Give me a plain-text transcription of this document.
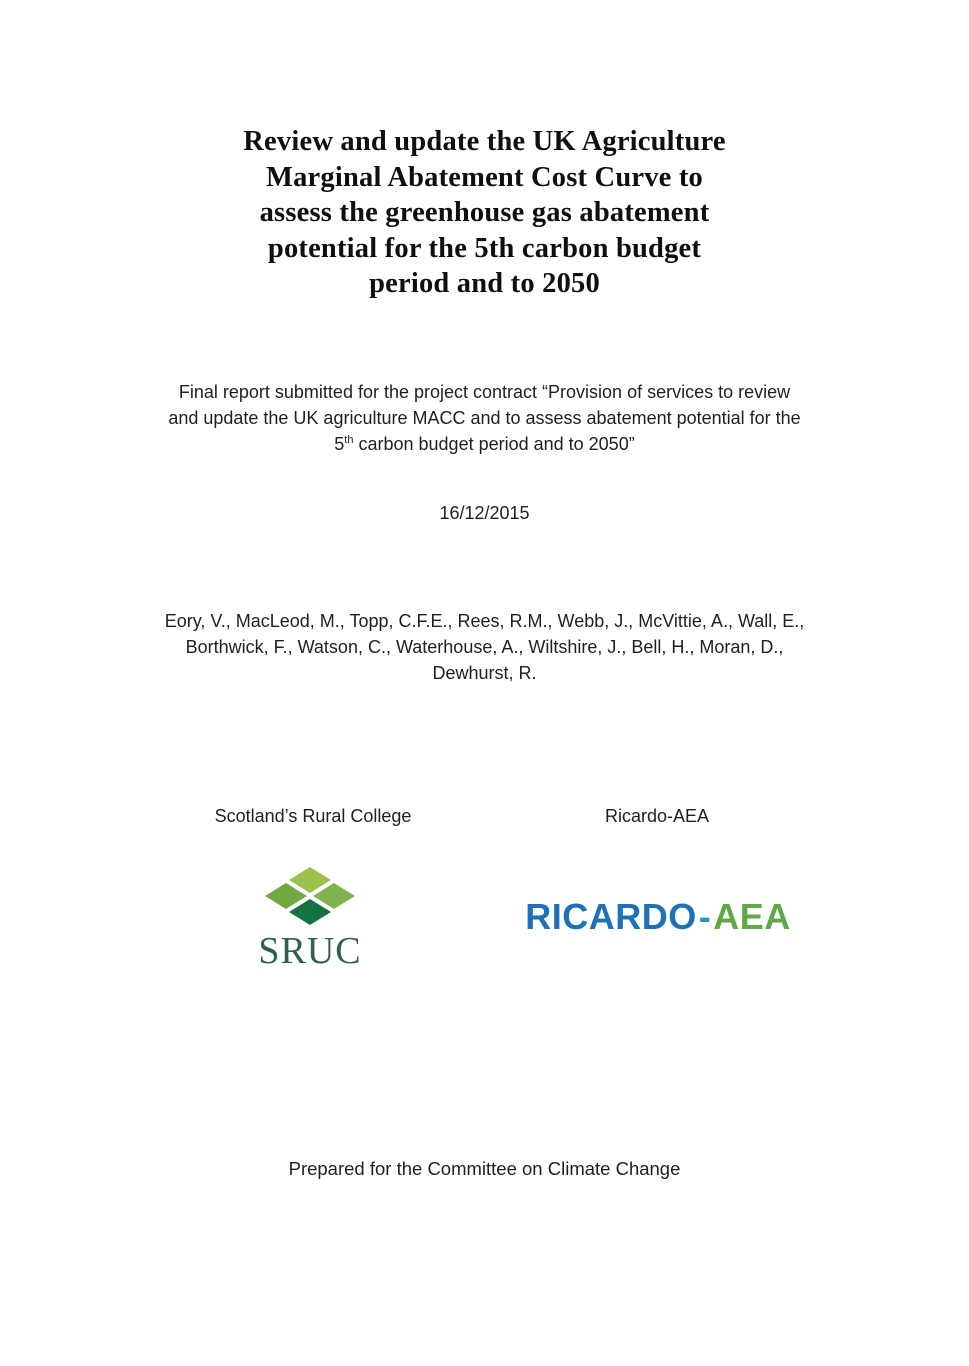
Review and update the UK Agriculture
Marginal Abatement Cost Curve to
assess the greenhouse gas abatement
potential for the 5th carbon budget
period and to 2050
Final report submitted for the project contract “Provision of services to review
and update the UK agriculture MACC and to assess abatement potential for the
5th carbon budget period and to 2050”
16/12/2015
Eory, V., MacLeod, M., Topp, C.F.E., Rees, R.M., Webb, J., McVittie, A., Wall, E.,
Borthwick, F., Watson, C., Waterhouse, A., Wiltshire, J., Bell, H., Moran, D.,
Dewhurst, R.
Scotland’s Rural College	Ricardo-AEA
SRUC
RICARDO-AEA
Prepared for the Committee on Climate Change
